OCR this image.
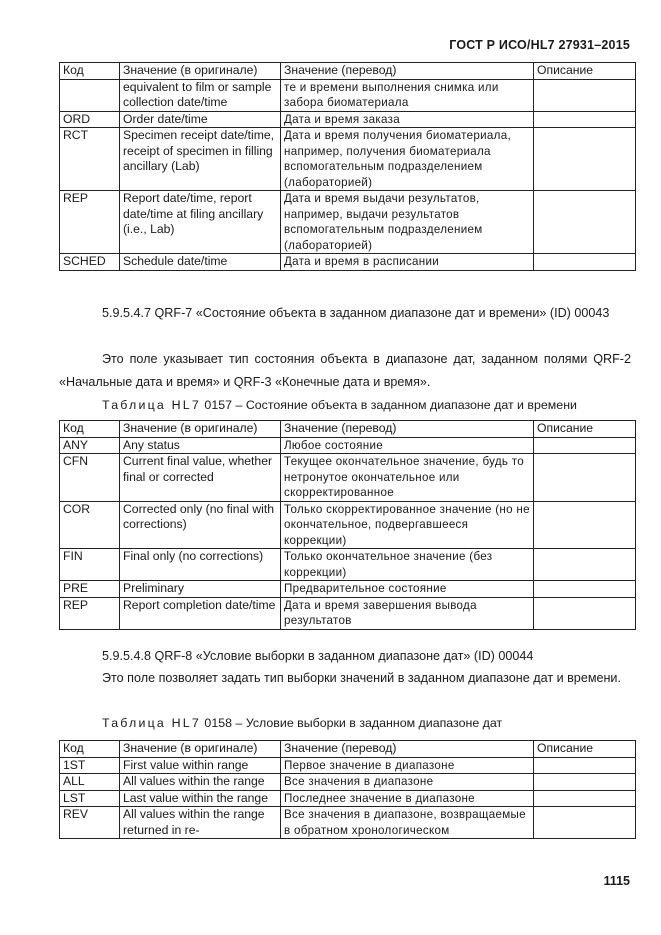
ГОСТ Р ИСО/HL7 27931–2015
Код	Значение (в оригинале)	Значение (перевод)	Описание
	equivalent to film or sample collection date/time	те и времени выполнения снимка или забора биоматериала	
ORD	Order date/time	Дата и время заказа	
RCT	Specimen receipt date/time, receipt of specimen in filling ancillary (Lab)	Дата и время получения биоматериала, например, получения биоматериала вспомогательным подразделением (лабораторией)	
REP	Report date/time, report date/time at filing ancillary (i.e., Lab)	Дата и время выдачи результатов, например, выдачи результатов вспомогательным подразделением (лабораторией)	
SCHED	Schedule date/time	Дата и время в расписании	
5.9.5.4.7 QRF-7 «Состояние объекта в заданном диапазоне дат и времени» (ID) 00043
Это поле указывает тип состояния объекта в диапазоне дат, заданном полями QRF-2 «Начальные дата и время» и QRF-3 «Конечные дата и время».
Таблица HL7 0157 – Состояние объекта в заданном диапазоне дат и времени
Код	Значение (в оригинале)	Значение (перевод)	Описание
ANY	Any status	Любое состояние	
CFN	Current final value, whether final or corrected	Текущее окончательное значение, будь то нетронутое окончательное или скорректированное	
COR	Corrected only (no final with corrections)	Только скорректированное значение (но не окончательное, подвергавшееся коррекции)	
FIN	Final only (no corrections)	Только окончательное значение (без коррекции)	
PRE	Preliminary	Предварительное состояние	
REP	Report completion date/time	Дата и время завершения вывода результатов	
5.9.5.4.8 QRF-8 «Условие выборки в заданном диапазоне дат» (ID) 00044
Это поле позволяет задать тип выборки значений в заданном диапазоне дат и времени.
Таблица HL7 0158 – Условие выборки в заданном диапазоне дат
Код	Значение (в оригинале)	Значение (перевод)	Описание
1ST	First value within range	Первое значение в диапазоне	
ALL	All values within the range	Все значения в диапазоне	
LST	Last value within the range	Последнее значение в диапазоне	
REV	All values within the range returned in re-	Все значения в диапазоне, возвращаемые в обратном хронологическом	
1115
